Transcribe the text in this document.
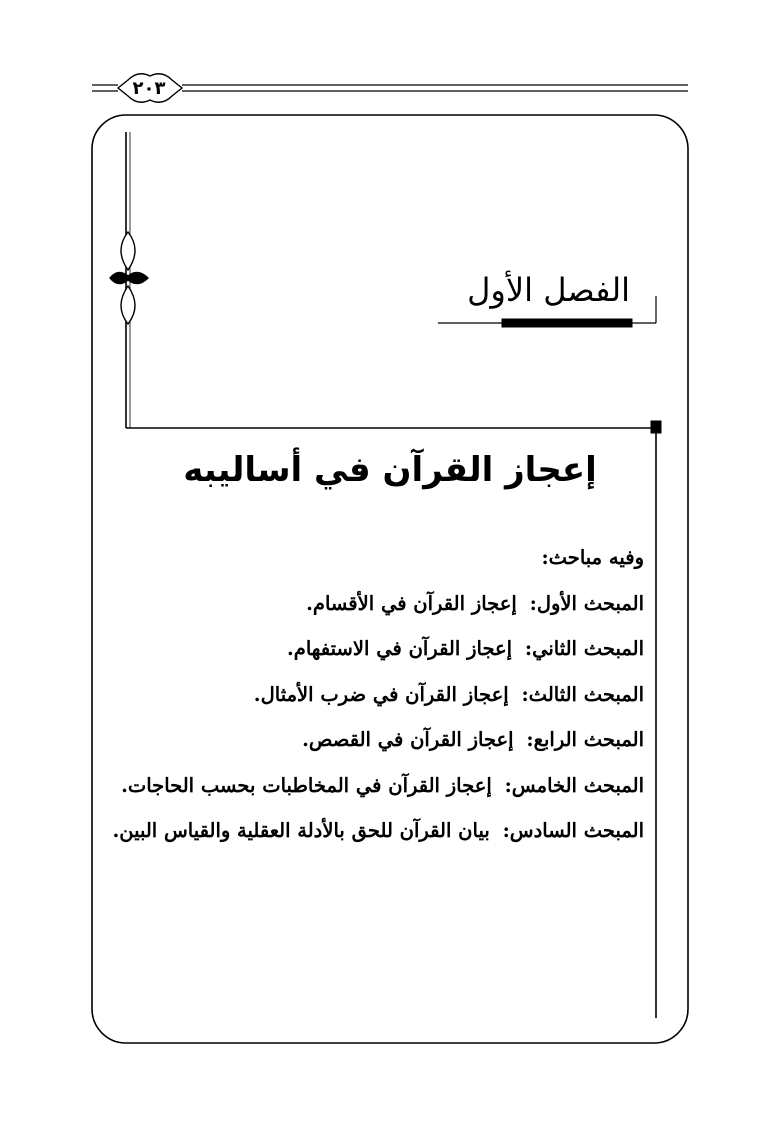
٢٠٣
الفصل الأول
إعجاز القرآن في أساليبه
وفيه مباحث:
المبحث الأول: إعجاز القرآن في الأقسام.
المبحث الثاني: إعجاز القرآن في الاستفهام.
المبحث الثالث: إعجاز القرآن في ضرب الأمثال.
المبحث الرابع: إعجاز القرآن في القصص.
المبحث الخامس: إعجاز القرآن في المخاطبات بحسب الحاجات.
المبحث السادس: بيان القرآن للحق بالأدلة العقلية والقياس البين.
